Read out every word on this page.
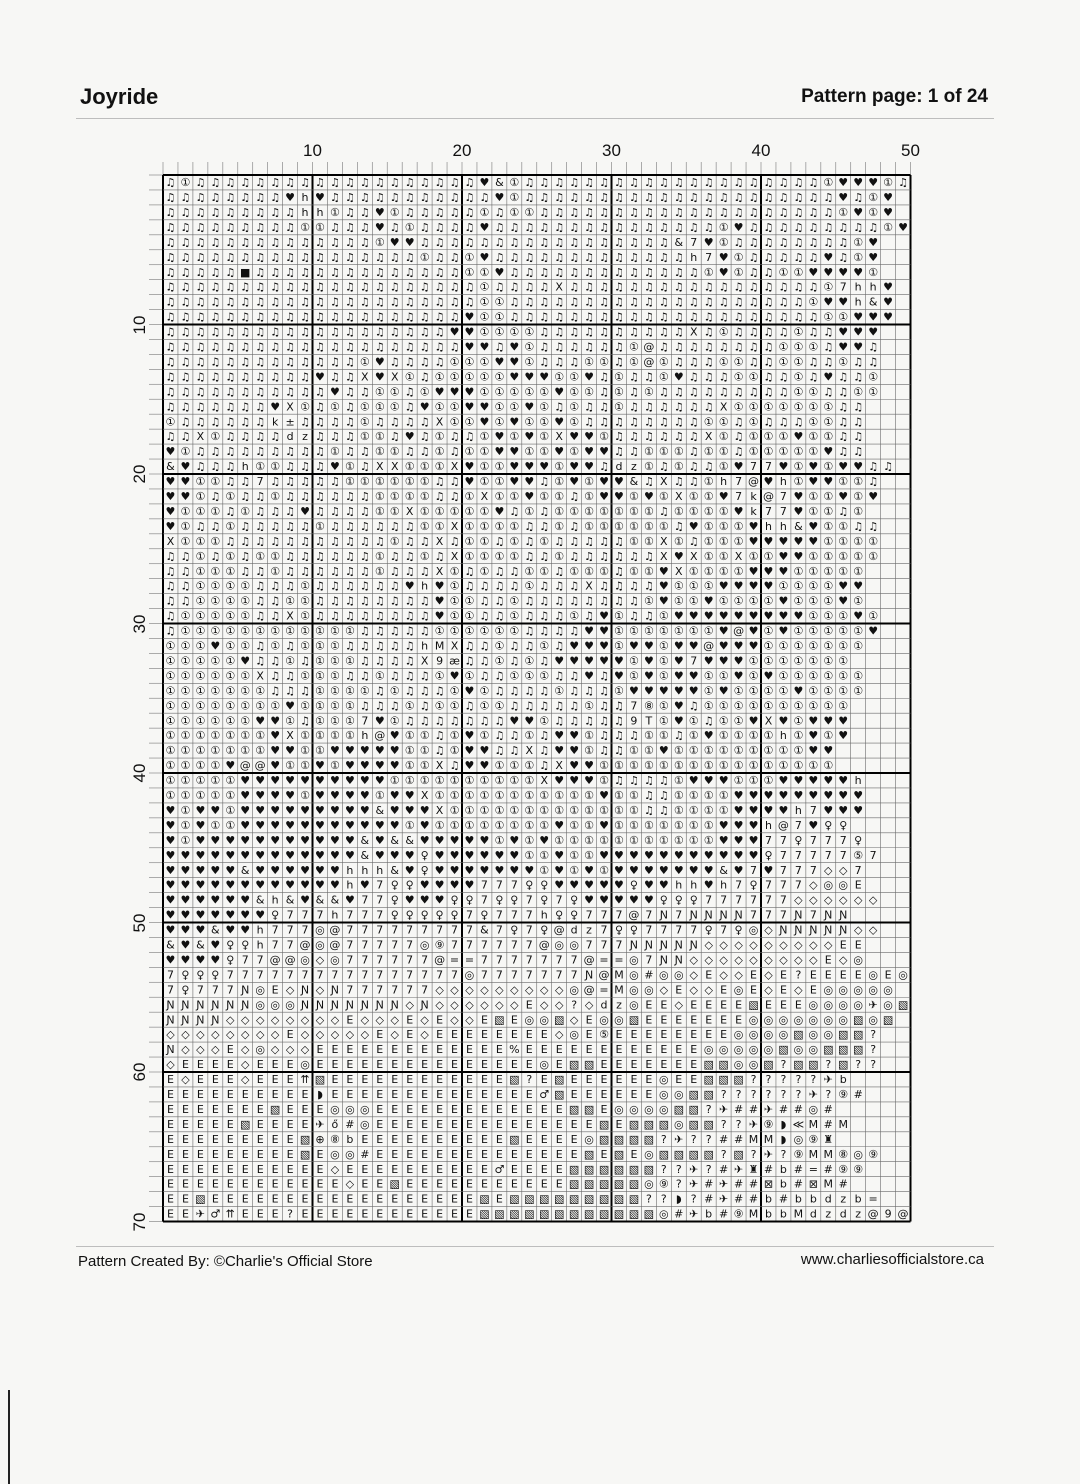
Joyride	Pattern page: 1 of 24
10	20	30	40	50
10
20
30
40
50
60
70
♫ ① ♫ ♫ ♫ ♫ ♫ ♫ ♫ ♫ ♫ ♫ ♫ ♫ ♫ ♫ ♫ ♫ ♫ ♫ ♫ ♥ & ① ♫ ♫ ♫ ♫ ♫ ♫ ♫ ♫ ♫ ♫ ♫ ♫ ♫ ♫ ♫ ♫ ♫ ♫ ♫ ♫ ① ♥ ♥ ♥ ① ♫
♫ ♫ ♫ ♫ ♫ ♫ ♫ ♫ ♥ h ♥ ♫ ♫ ♫ ♫ ♫ ♫ ♫ ♫ ♫ ♫ ♫ ♥ ① ♫ ♫ ♫ ♫ ♫ ♫ ♫ ♫ ♫ ♫ ♫ ♫ ♫ ♫ ♫ ♫ ♫ ♫ ♫ ♫ ♫ ♥ ♫ ① ♥
♫ ♫ ♫ ♫ ♫ ♫ ♫ ♫ ♫ h h ① ♫ ♫ ♥ ① ♫ ♫ ♫ ♫ ♫ ① ♫ ① ① ♫ ♫ ♫ ♫ ♫ ♫ ♫ ♫ ♫ ♫ ♫ ♫ ♫ ♫ ♫ ♫ ♫ ♫ ♫ ♫ ① ♥ ① ♥
♫ ♫ ♫ ♫ ♫ ♫ ♫ ♫ ♫ ① ① ♫ ♫ ♫ ♥ ♫ ① ♫ ♫ ♫ ♫ ♥ ♫ ♫ ♫ ♫ ♫ ♫ ♫ ♫ ♫ ♫ ♫ ♫ ♫ ♫ ♫ ① ♥ ♫ ♫ ♫ ♫ ♫ ♫ ♫ ♫ ♫ ① ♥
♫ ♫ ♫ ♫ ♫ ♫ ♫ ♫ ♫ ♫ ♫ ♫ ♫ ♫ ① ♥ ♥ ♫ ♫ ♫ ♫ ♫ ♫ ♫ ♫ ♫ ♫ ♫ ♫ ♫ ♫ ♫ ♫ ♫ & 7 ♥ ① ♫ ♫ ♫ ♫ ♫ ♫ ♫ ♫ ① ♥
♫ ♫ ♫ ♫ ♫ ♫ ♫ ♫ ♫ ♫ ♫ ♫ ♫ ♫ ♫ ♫ ♫ ① ♫ ♫ ① ♥ ♫ ♫ ♫ ♫ ♫ ♫ ♫ ♫ ♫ ♫ ♫ ♫ ♫ h 7 ♥ ① ♫ ♫ ♫ ♫ ♫ ♥ ♫ ① ♥
♫ ♫ ♫ ♫ ♫ ■ ♫ ♫ ♫ ♫ ♫ ♫ ♫ ♫ ♫ ♫ ♫ ♫ ♫ ♫ ① ① ♥ ♫ ♫ ♫ ♫ ♫ ♫ ♫ ♫ ♫ ♫ ♫ ♫ ♫ ① ♥ ① ♫ ♫ ① ① ♥ ♥ ♥ ♥ ①
♫ ♫ ♫ ♫ ♫ ♫ ♫ ♫ ♫ ♫ ♫ ♫ ♫ ♫ ♫ ♫ ♫ ♫ ♫ ♫ ♫ ① ♫ ♫ ♫ ♫ X ♫ ♫ ♫ ♫ ♫ ♫ ♫ ♫ ♫ ♫ ♫ ♫ ♫ ♫ ♫ ♫ ♫ ① 7 h h ♥
♫ ♫ ♫ ♫ ♫ ♫ ♫ ♫ ♫ ♫ ♫ ♫ ♫ ♫ ♫ ♫ ♫ ♫ ♫ ♫ ♫ ① ① ♫ ♫ ♫ ♫ ♫ ♫ ♫ ♫ ♫ ♫ ♫ ♫ ♫ ♫ ♫ ♫ ♫ ♫ ♫ ♫ ① ♥ ♥ h & ♥
♫ ♫ ♫ ♫ ♫ ♫ ♫ ♫ ♫ ♫ ♫ ♫ ♫ ♫ ♫ ♫ ♫ ♫ ♫ ♫ ♥ ① ① ♫ ♫ ♫ ♫ ♫ ♫ ♫ ♫ ♫ ♫ ♫ ♫ ♫ ♫ ♫ ♫ ♫ ♫ ♫ ♫ ♫ ① ① ♥ ♥ ♥
♫ ♫ ♫ ♫ ♫ ♫ ♫ ♫ ♫ ♫ ♫ ♫ ♫ ♫ ♫ ♫ ♫ ♫ ♫ ♥ ♥ ① ① ① ① ♫ ♫ ♫ ♫ ♫ ♫ ♫ ♫ ♫ ♫ X ♫ ① ♫ ♫ ♫ ♫ ① ♫ ♫ ♥ ♥ ♥
♫ ♫ ♫ ♫ ♫ ♫ ♫ ♫ ♫ ♫ ♫ ♫ ♫ ♫ ♫ ♫ ♫ ♫ ♫ ♫ ♥ ♥ ♫ ♥ ① ♫ ♫ ♫ ♫ ♫ ♫ ① @ ♫ ♫ ♫ ♫ ♫ ♫ ♫ ♫ ① ① ① ♫ ♥ ♥ ♫
♫ ♫ ♫ ♫ ♫ ♫ ♫ ♫ ♫ ♫ ♫ ♫ ♫ ① ♥ ♫ ♫ ♫ ♫ ① ① ① ♥ ♥ ① ♫ ♫ ♫ ① ① ♫ ① @ ① ♫ ♫ ♫ ① ① ♫ ♫ ① ① ♫ ♫ ① ♫ ♫
♫ ♫ ♫ ♫ ♫ ♫ ♫ ♫ ♫ ♫ ♥ ♫ ♫ X ♥ X ① ♫ ① ① ① ① ① ♥ ♥ ♥ ① ① ♥ ♫ ① ♫ ♫ ① ♥ ♫ ♫ ♫ ① ① ♫ ♫ ① ♫ ♥ ♫ ♫ ①
♫ ♫ ♫ ♫ ♫ ♫ ♫ ♫ ♫ ♫ ♫ ♥ ♫ ♫ ① ① ♫ ① ♥ ♥ ♥ ① ① ① ① ① ♥ ① ① ♫ ① ♫ ① ♫ ♫ ♫ ♫ ♫ ♫ ♫ ♫ ♫ ① ① ♫ ♫ ① ①
♫ ♫ ♫ ♫ ♫ ♫ ♫ ♥ X ① ♫ ① ♫ ① ① ① ♫ ♥ ① ① ♥ ♥ ① ① ♥ ① ♫ ① ♫ ♫ ① ♫ ♫ ♫ ♫ ♫ ♫ X ① ① ① ① ① ① ① ♫ ♫
① ♫ ♫ ♫ ♫ ♫ ♫ k ± ♫ ♫ ♫ ♫ ① ♫ ♫ ♫ ♫ X ① ① ♥ ① ♥ ① ① ♥ ① ♫ ♫ ♫ ♫ ♫ ♫ ♫ ♫ ① ① ♫ ① ♫ ♫ ♫ ① ① ♫ ♫
♫ ♫ X ① ♫ ♫ ♫ ♫ d z ♫ ♫ ♫ ① ① ♫ ♥ ♫ ① ♫ ♫ ① ♥ ① ♥ ① X ♥ ♥ ① ♫ ♫ ♫ ♫ ♫ ♫ X ① ♫ ① ① ① ♥ ① ① ♫ ♫
♥ ① ♫ ♫ ♫ ♫ ♫ ♫ ♫ ♫ ♫ ① ♫ ♫ ① ① ♫ ♫ ① ♫ ① ① ♥ ♥ ① ① ♥ ① ♥ ♥ ♫ ♫ ① ① ① ♫ ① ① ♫ ① ① ① ① ① ♥ ♫ ♫
& ♥ ♫ ♫ ♫ h ① ① ♫ ♫ ♫ ♥ ① ♫ X X ① ① ① X ♥ ① ① ♥ ♥ ♥ ① ♥ ♥ ♫ d z ① ♫ ① ♫ ♫ ① ♥ 7 7 ♥ ① ♥ ① ♥ ♥ ♫ ♫
♥ ♥ ① ① ♫ ♫ 7 ♫ ♫ ♫ ♫ ♫ ① ① ① ① ① ① ♫ ♫ ♥ ① ① ♥ ♥ ♫ ① ♥ ① ♥ ♥ & ♫ X ♫ ♫ ① h 7 @ ♥ h ① ♥ ♥ ① ① ♫
♥ ♥ ① ♫ ① ♫ ♫ ① ♫ ♫ ♫ ♫ ♫ ♫ ① ① ① ① ♫ ♫ ① X ① ① ♥ ① ① ♫ ① ♥ ♥ ① ♥ ① X ① ① ♥ 7 k @ 7 ♥ ① ① ♥ ① ♥
♥ ① ① ① ♫ ① ♫ ♫ ♫ ♥ ♫ ♫ ♫ ♫ ① ① X ① ① ① ① ① ♥ ♫ ① ♫ ① ① ① ① ① ① ① ♫ ① ① ① ① ♥ k 7 7 ♥ ① ① ♫ ①
♥ ① ♫ ♫ ① ♫ ♫ ♫ ♫ ♫ ① ♫ ♫ ♫ ♫ ♫ ♫ ① ① X ① ① ① ① ♫ ♫ ① ♫ ① ① ① ① ① ① ♫ ♥ ① ① ① ♥ h h & ♥ ① ① ♫ ♫
X ① ① ① ♫ ♫ ♫ ♫ ♫ ♫ ♫ ♫ ♫ ♫ ♫ ① ♫ ♫ X ♫ ① ① ♫ ① ♫ ① ♫ ♫ ♫ ♫ ♫ ① ① X ① ♫ ① ① ① ♥ ♥ ♥ ♥ ♥ ① ① ① ①
♫ ♫ ① ♫ ① ♫ ① ① ♫ ♫ ♫ ♫ ♫ ♫ ① ♫ ♫ ① ♫ X ① ① ① ① ♫ ♫ ① ♫ ♫ ♫ ♫ ♫ ♫ X ♥ X ① ① X ① ① ♥ ♥ ① ① ① ① ①
♫ ♫ ① ① ① ♫ ♫ ① ♫ ♫ ♫ ♫ ♫ ♫ ① ♫ ♫ ♫ X ① ♫ ① ♫ ♫ ① ① ♫ ① ① ① ♫ ① ① ♥ X ① ① ① ① ♥ ♥ ♥ ① ① ① ① ①
♫ ♫ ① ① ① ① ♫ ♫ ♫ ① ♫ ♫ ♫ ♫ ♫ ♫ ♥ h ♥ ① ♫ ♫ ♫ ♫ ① ♫ ♫ ♫ X ♫ ♫ ♫ ♫ ♥ ① ① ① ♥ ♥ ♥ ♥ ① ① ① ① ♥ ♥
♫ ♫ ① ① ① ① ♫ ♫ ① ① ♫ ♫ ♫ ♫ ♫ ♫ ♫ ♫ ♥ ① ① ♫ ♫ ① ♫ ♫ ♫ ♫ ♫ ♫ ♫ ♫ ① ♥ ① ① ♥ ① ① ① ① ♥ ① ① ① ♥ ①
♫ ① ① ① ① ① ♫ ♫ X ① ♫ ♫ ♫ ♫ ♫ ♫ ♫ ♫ ♥ ① ① ♫ ♫ ① ♫ ♫ ♫ ① ♫ ♥ ① ♫ ♫ ① ♥ ♥ ♥ ♥ ♥ ♥ ♥ ♥ ♥ ① ① ① ♥ ①
♫ ① ① ① ① ① ① ① ① ① ① ① ① ♫ ♫ ♫ ♫ ♫ ① ① ① ① ① ① ♫ ♫ ♫ ♫ ♥ ♥ ① ① ① ① ① ① ① ♥ @ ♥ ① ♥ ① ① ① ① ① ♥
① ① ① ♥ ① ① ♫ ① ♫ ① ① ① ♫ ♫ ♫ ♫ ♫ h M X ♫ ♫ ① ♫ ♫ ① ♫ ♥ ♥ ♥ ① ♥ ♥ ① ♥ ♥ @ ♥ ♥ ♥ ① ① ① ① ① ① ①
① ① ① ① ① ♥ ♫ ♫ ① ♫ ① ① ① ♫ ♫ ♫ ♫ X 9 æ ♫ ♫ ① ♫ ① ♫ ♥ ♥ ♥ ♥ ♥ ① ♥ ① ♥ 7 ♥ ♥ ♥ ① ① ① ① ① ① ①
① ① ① ① ① ① X ♫ ♫ ① ① ① ♫ ♫ ① ♫ ♫ ♫ ① ♥ ① ♫ ♫ ① ① ① ♫ ♫ ♥ ♫ ♥ ① ♥ ① ♥ ♥ ① ① ♥ ① ♥ ① ① ① ① ① ①
① ① ① ① ① ① ① ♫ ♫ ♫ ① ① ① ① ♫ ① ♫ ♫ ♫ ① ♥ ① ♫ ♫ ♫ ♫ ① ♫ ♫ ♫ ① ♥ ♥ ♥ ♥ ♥ ① ♥ ① ① ① ① ♥ ① ① ① ①
① ① ① ① ① ① ① ① ♥ ① ① ① ① ♫ ♫ ♫ ① ♫ ① ① ♫ ① ① ♫ ♫ ♫ ♫ ♫ ① ♫ ♫ 7 ⑧ ① ♥ ♫ ① ① ① ① ① ① ① ① ① ①
① ① ① ① ① ① ♥ ♥ ① ♫ ① ① ① 7 ♥ ① ♫ ♫ ♫ ♫ ♫ ♫ ♫ ♥ ♥ ① ♫ ♫ ♫ ♫ ♫ 9 T ① ♥ ① ♫ ① ① ♥ X ♥ ① ♥ ♥ ♥
① ① ① ① ① ① ① ♥ X ① ① ① ① h @ ♥ ① ① ♫ ① ♥ ① ♫ ♫ ① ♫ ♥ ♥ ① ♫ ♫ ♫ ① ① ♫ ① ♥ ① ① ① ① h ① ♥ ① ♥
① ① ① ① ① ① ① ♥ ♥ ① ① ♥ ♥ ♥ ♥ ♥ ① ① ♫ ① ♥ ♥ ♫ ♫ X ♫ ♥ ♥ ① ♫ ♫ ① ① ♥ ① ① ① ① ① ① ① ① ① ♥ ♥
① ① ① ① ♥ @ @ ♥ ① ① ♥ ① ♥ ♥ ♥ ♥ ① ① X ♫ ♥ ♥ ① ① ① ♫ X ♥ ♥ ① ① ① ① ① ① ① ① ① ① ① ① ① ① ① ①
① ① ① ① ① ♥ ♥ ♥ ♥ ♥ ♥ ♥ ♥ ♥ ♥ ① ① ① ① ① ① ① ① ① ① X ♥ ♥ ♥ ① ♫ ♫ ♫ ♫ ① ♥ ♥ ♥ ① ① ① ♥ ♥ ♥ ♥ ♥ h
① ① ① ① ① ♥ ♥ ♥ ♥ ① ♥ ♥ ♥ ♥ ① ♥ ♥ X ① ① ① ① ① ① ① ① ① ① ① ♥ ① ① ♫ ♫ ① ① ① ① ♥ ♥ ♥ ♥ ♥ ♥ ♥ ♥ ♥
♥ ① ♥ ♥ ① ♥ ♥ ♥ ♥ ♥ ♥ ♥ ♥ ♥ & ♥ ♥ ♥ X ① ① ① ① ① ① ① ① ① ① ① ① ① ♫ ♫ ① ① ① ① ♥ ♥ ♥ ♥ h 7 ♥ ♥ ♥
♥ ① ♥ ① ① ♥ ♥ ♥ ♥ ♥ ♥ ♥ ♥ ♥ ♥ ♥ ① ♥ ① ① ① ① ① ① ① ① ♥ ① ① ♥ ① ① ① ① ① ① ① ♥ ♥ ♥ h @ 7 ♥ ♀ ♀
♥ ① ♥ ♥ ♥ ♥ ♥ ♥ ♥ ♥ ♥ ♥ ♥ & ♥ & & ♥ ♥ ♥ ♥ ♥ ① ♥ ① ♥ ① ① ① ① ① ① ① ① ① ① ① ♥ ♥ ♥ 7 7 ♀ 7 7 7 ♀
♥ ♥ ♥ ♥ ♥ ♥ ♥ ♥ ♥ ♥ ♥ ♥ ♥ & ♥ ♥ ♥ ♀ ♥ ♥ ♥ ♥ ♥ ♥ ① ① ♥ ① ① ♥ ♥ ♥ ♥ ♥ ♥ ♥ ♥ ♥ ♥ ♥ ♀ 7 7 7 7 7 ⑤ 7
♥ ♥ ♥ ♥ ♥ & ♥ ♥ ♥ ♥ ♥ ♥ h h h & ♥ ♀ ♥ ♥ ♥ ♥ ♥ ♥ ♥ ① ♥ ① ♥ ① ♥ ♥ ♥ ♥ ♥ ♥ ♥ & ♥ 7 ♥ 7 7 7 ◇ ◇ 7
♥ ♥ ♥ ♥ ♥ ♥ ♥ ♥ ♥ ♥ ♥ ♥ h ♥ 7 ♀ ♀ ♥ ♥ ♥ ♥ 7 7 7 ♀ ♀ ♥ ♥ ♥ ♥ ♥ ♀ ♥ ♥ h h ♥ h 7 ♀ 7 7 7 ◇ ◎ ◎ E
♥ ♥ ♥ ♥ ♥ ♥ & h & ♥ & & ♥ 7 7 ♀ ♥ ♥ ♥ ♀ ♀ 7 ♀ ♀ 7 ♀ 7 ♀ ♥ ♥ ♥ ♥ ♥ ♀ ♀ ♀ 7 7 7 7 7 7 ◇ ◇ ◇ ◇ ◇ ◇
♥ ♥ ♥ ♥ ♥ ♥ ♥ ♀ 7 7 7 h 7 7 7 ♀ ♀ ♀ ♀ ♀ 7 ♀ 7 7 7 h ♀ ♀ 7 7 7 @ 7 Ɲ 7 Ɲ Ɲ Ɲ Ɲ 7 7 7 Ɲ 7 Ɲ Ɲ
♥ ♥ ♥ & ♥ ♥ h 7 7 7 ◎ @ 7 7 7 7 7 7 7 7 7 & 7 ♀ 7 ♀ @ d z 7 ♀ ♀ 7 7 7 7 ♀ 7 ♀ ◎ ◇ Ɲ Ɲ Ɲ Ɲ Ɲ ◇ ◇
& ♥ & ♥ ♀ ♀ h 7 7 @ ◎ @ 7 7 7 7 7 ◎ ⑨ 7 7 7 7 7 7 @ ◎ ◎ 7 7 7 Ɲ Ɲ Ɲ Ɲ Ɲ ◇ ◇ ◇ ◇ ◇ ◇ ◇ ◇ ◇ E E
♥ ♥ ♥ ♥ ♀ 7 7 @ @ ◎ ◇ ◎ 7 7 7 7 7 7 @ = = 7 7 7 7 7 7 7 @ = = ◎ 7 Ɲ Ɲ ◇ ◇ ◇ ◇ ◇ ◇ ◇ ◇ ◇ E ◇ ◎
7 ♀ ♀ ♀ 7 7 7 7 7 7 7 7 7 7 7 7 7 7 7 7 ◎ 7 7 7 7 7 7 7 Ɲ @ M ◎ # ◎ ◎ ◇ E ◇ ◇ E ◇ E ? E E E E ◎ E ◎
7 ♀ 7 7 7 Ɲ ◎ E ◇ Ɲ ◇ Ɲ 7 7 7 7 7 7 ◇ ◇ ◇ ◇ ◇ ◇ ◇ ◇ ◇ ◎ @ = M ◎ ◎ ◇ E ◇ ◇ E ◎ E ◇ E ◇ E ◎ ◎ ◎ ◎ ◎
Ɲ Ɲ Ɲ Ɲ Ɲ Ɲ ◎ ◎ ◎ Ɲ Ɲ Ɲ Ɲ Ɲ Ɲ Ɲ ◇ Ɲ ◇ ◇ ◇ ◇ ◇ ◇ E ◇ ◇ ? ◇ d z ◎ E E ◇ E E E E ▧ E E E ◎ ◎ ◎ ◎ ✈ ◎ ▧
Ɲ Ɲ Ɲ Ɲ ◇ ◇ ◇ ◇ ◇ ◇ ◇ ◇ E ◇ ◇ ◇ E ◇ E ◇ ◇ E ▧ E ◎ ◎ ▧ ◇ E ◎ ◎ ▧ E E E E E E E ◎ ◎ ◎ ◎ ◎ ◎ ◎ ▧ ◎ ▧
◇ ◇ ◇ ◇ ◇ ◇ ◇ ◇ E ◇ ◇ ◇ ◇ ◇ E ◇ E ◇ E E E E E E E E ◇ ◎ E ⑤ E E E E E E E E ◎ ◎ ◎ ◎ ▧ ◎ ◎ ▧ ▧ ?
Ɲ ◇ ◇ ◇ E ◇ ◎ ◇ ◇ ◇ E E E E E E E E E E E E E % E E E E E E E E E E E E ◎ ◎ ◎ ◎ ◎ ▧ ◎ ◎ ▧ ▧ ▧ ?
◇ E E E E ◇ E E E ◎ E E E E E E E E E E E E E E E ◎ E ▧ ▧ E E E E E E E ▧ ▧ ◎ ◎ ▧ ? ▧ ▧ ? ▧ ? ?
E ◇ E E E ◇ E E E ⇈ ▧ E E E E E E E E E E E E ▧ ? E ▧ E E E E E E ◎ E E ▧ ▧ ▧ ? ? ? ? ? ✈ b
E E E E E E E E E E ◗ E E E E E E E E E E E E E E ♂ ▧ E E E E E E ◎ ◎ ▧ ▧ ? ? ? ? ? ? ✈ ? ⑨ #
E E E E E E E ▧ E E E ◎ ◎ ◎ E E E E E E E E E E E E E ▧ ▧ E ◎ ◎ ◎ ◎ ▧ ▧ ? ✈ # # ✈ # # ◎ #
E E E E E ▧ E E E E ✈ ő # ◎ E E E E E E E E E E E E E E E ▧ E ▧ ▧ ▧ ◎ ▧ ▧ ? ? ✈ ⑨ ◗ ≪ M # M
E E E E E E E E E ▧ ⊕ ⑧ b E E E E E E E E E E ▧ E E E E ◎ ▧ ▧ ▧ ▧ ? ✈ ? ? # # M M ◗ ◎ ⑨ ♜
E E E E E E E E E ▧ E ◎ ◎ # E E E E E E E E E E E E E E ▧ E ▧ E ◎ ▧ ▧ ▧ ▧ ? ▧ ? ✈ ? ⑨ M M ⑧ ◎ ⑨
E E E E E E E E E E E ◇ E E E E E E E E E E ♂ E E E E ▧ ▧ ▧ ▧ ▧ ▧ ? ? ✈ ? # ✈ ♜ # b # = # ⑨ ⑨
E E E E E E E E E E E E ◇ E E ▧ E E E E E E E E E E E ▧ ▧ ▧ ▧ ▧ ◎ ⑨ ? ✈ # ✈ # # ⊠ b # ⊠ M #
E E ▧ E E E E E E E E E E E E E E E E E E ▧ E ▧ ▧ ▧ ▧ ▧ ▧ ▧ ▧ ▧ ? ? ◗ ? # ✈ # # b # b b d z b =
E E ✈ ♂ ⇈ E E E ? E E E E E E E E E E E E ▧ ▧ ▧ ▧ ▧ ▧ ▧ ▧ ▧ ▧ ▧ ▧ ◎ # ✈ b # ⑨ M b b M d z d z @ 9 @
Pattern Created By: ©Charlie's Official Store	www.charliesofficialstore.ca
